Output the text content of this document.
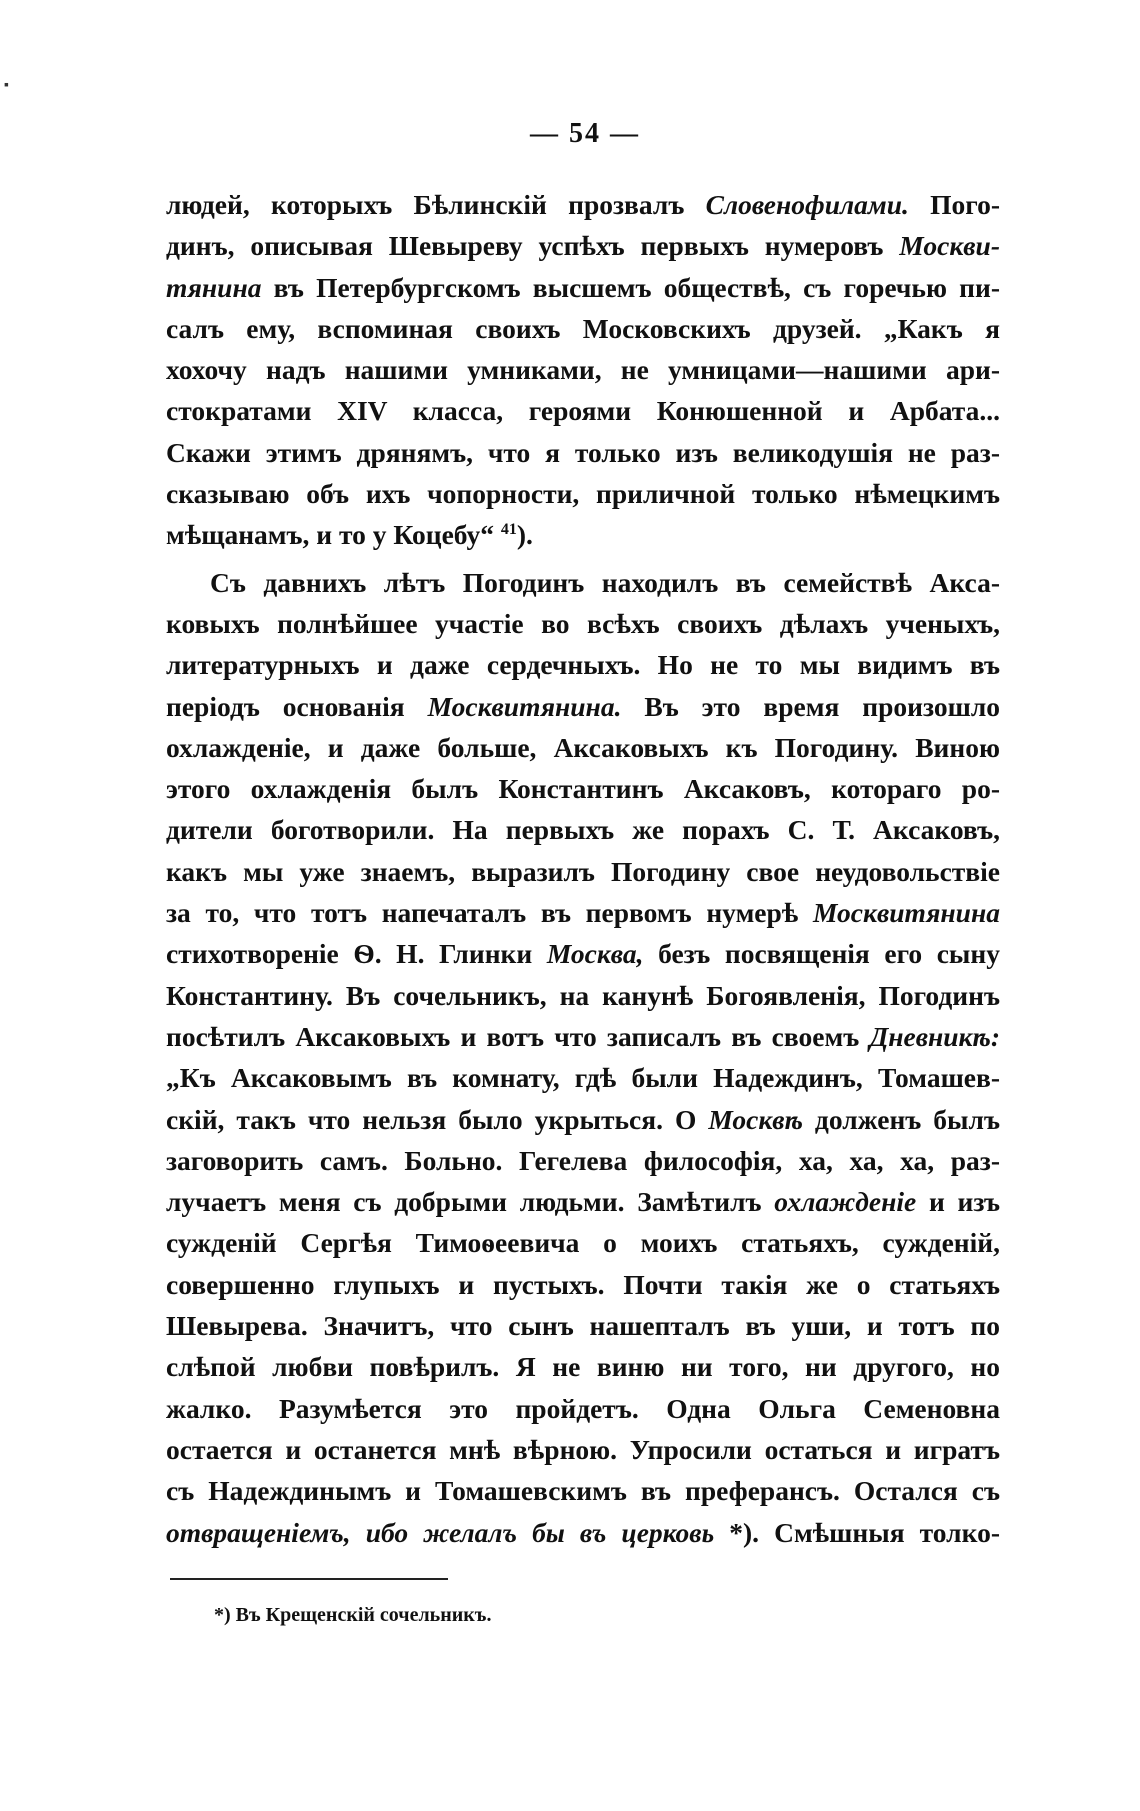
▪
— 54 —
людей, которыхъ Бѣлинскій прозвалъ Словенофилами. Пого-
динъ, описывая Шевыреву успѣхъ первыхъ нумеровъ Москви-
тянина въ Петербургскомъ высшемъ обществѣ, съ горечью пи-
салъ ему, вспоминая своихъ Московскихъ друзей. „Какъ я
хохочу надъ нашими умниками, не умницами—нашими ари-
стократами XIV класса, героями Конюшенной и Арбата...
Скажи этимъ дрянямъ, что я только изъ великодушія не раз-
сказываю объ ихъ чопорности, приличной только нѣмецкимъ
мѣщанамъ, и то у Коцебу“ $^{41}$).
Съ давнихъ лѣтъ Погодинъ находилъ въ семействѣ Акса-
ковыхъ полнѣйшее участіе во всѣхъ своихъ дѣлахъ ученыхъ,
литературныхъ и даже сердечныхъ. Но не то мы видимъ въ
періодъ основанія Москвитянина. Въ это время произошло
охлажденіе, и даже больше, Аксаковыхъ къ Погодину. Виною
этого охлажденія былъ Константинъ Аксаковъ, котораго ро-
дители боготворили. На первыхъ же порахъ С. Т. Аксаковъ,
какъ мы уже знаемъ, выразилъ Погодину свое неудовольствіе
за то, что тотъ напечаталъ въ первомъ нумерѣ Москвитянина
стихотвореніе Ѳ. Н. Глинки Москва, безъ посвященія его сыну
Константину. Въ сочельникъ, на канунѣ Богоявленія, Погодинъ
посѣтилъ Аксаковыхъ и вотъ что записалъ въ своемъ Дневникѣ:
„Къ Аксаковымъ въ комнату, гдѣ были Надеждинъ, Томашев-
скій, такъ что нельзя было укрыться. О Москвѣ долженъ былъ
заговорить самъ. Больно. Гегелева философія, ха, ха, ха, раз-
лучаетъ меня съ добрыми людьми. Замѣтилъ охлажденіе и изъ
сужденій Сергѣя Тимоѳеевича о моихъ статьяхъ, сужденій,
совершенно глупыхъ и пустыхъ. Почти такія же о статьяхъ
Шевырева. Значитъ, что сынъ нашепталъ въ уши, и тотъ по
слѣпой любви повѣрилъ. Я не виню ни того, ни другого, но
жалко. Разумѣется это пройдетъ. Одна Ольга Семеновна
остается и останется мнѣ вѣрною. Упросили остаться и игратъ
съ Надеждинымъ и Томашевскимъ въ преферансъ. Остался съ
отвращеніемъ, ибо желалъ бы въ церковь *). Смѣшныя толко-
*) Въ Крещенскій сочельникъ.
